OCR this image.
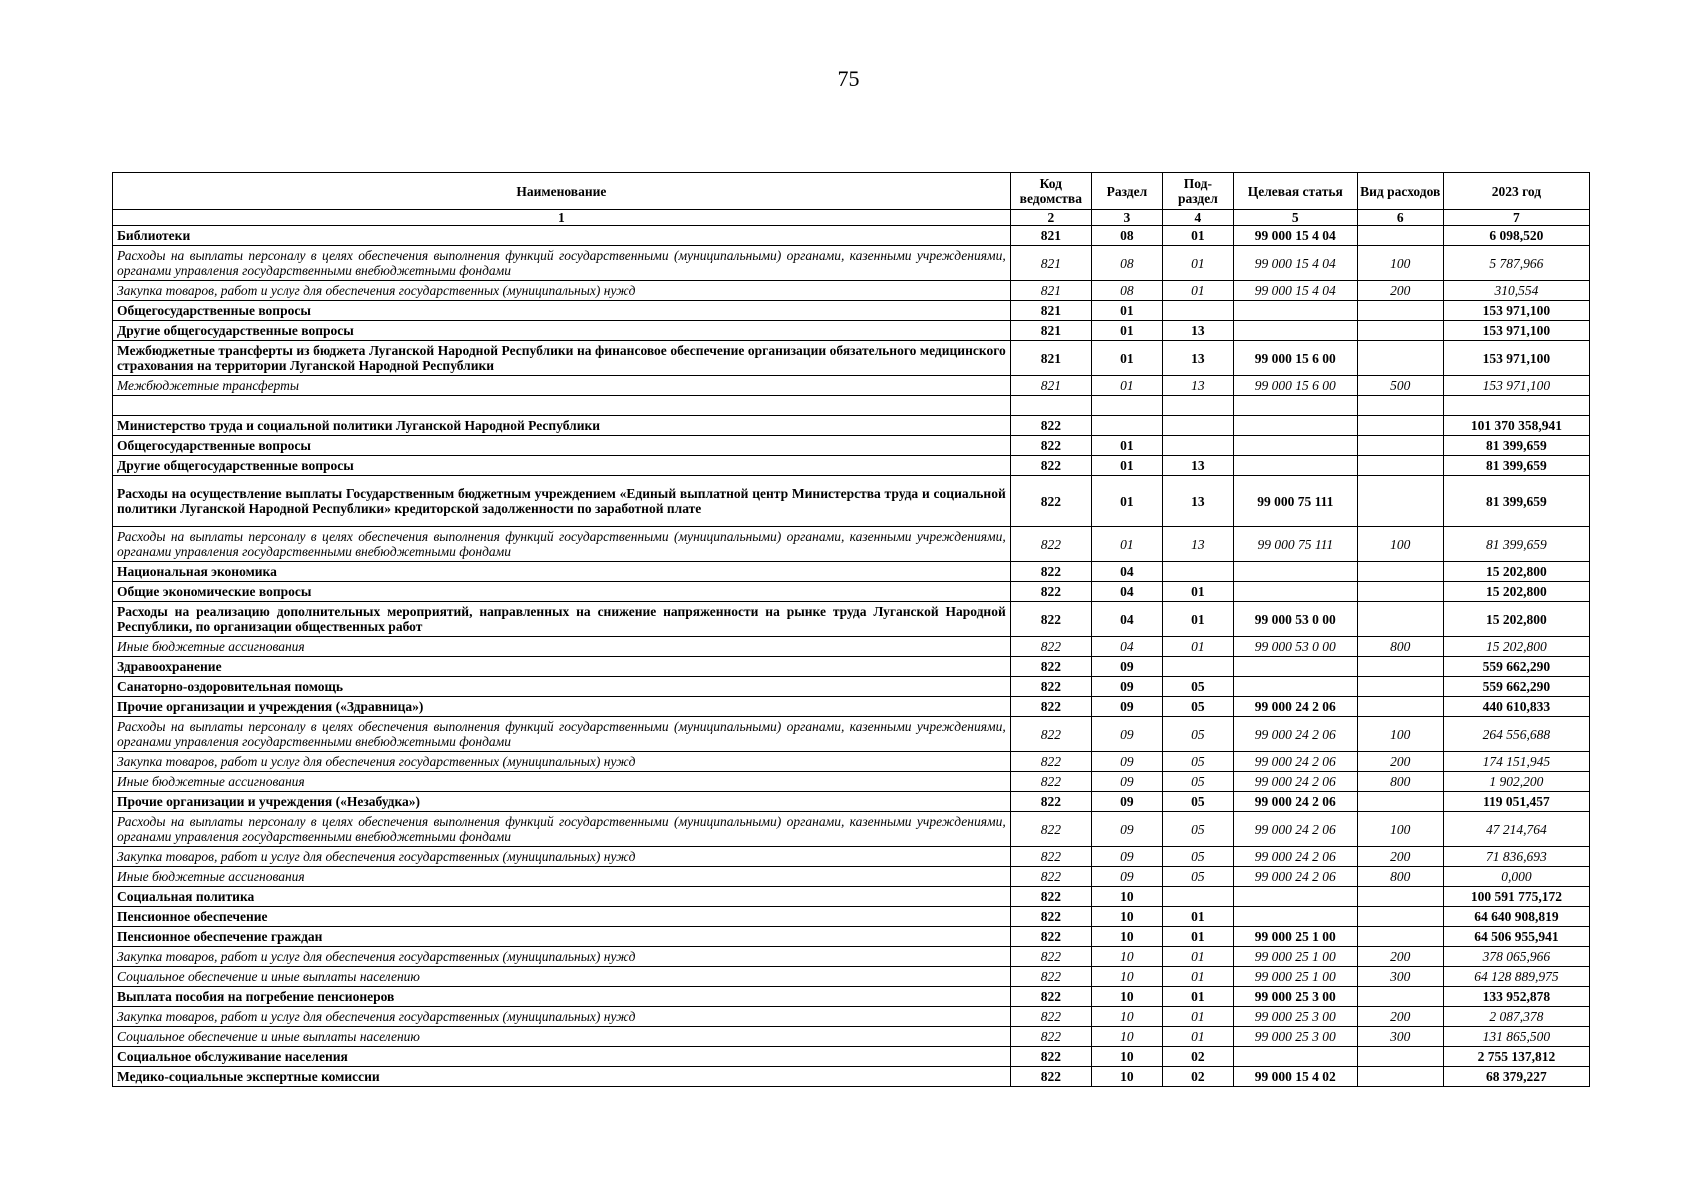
75
Наименование	Код ведомства	Раздел	Под-раздел	Целевая статья	Вид расходов	2023 год
1	2	3	4	5	6	7
Библиотеки	821	08	01	99 000 15 4 04		6 098,520
Расходы на выплаты персоналу в целях обеспечения выполнения функций государственными (муниципальными) органами, казенными учреждениями, органами управления государственными внебюджетными фондами	821	08	01	99 000 15 4 04	100	5 787,966
Закупка товаров, работ и услуг для обеспечения государственных (муниципальных) нужд	821	08	01	99 000 15 4 04	200	310,554
Общегосударственные вопросы	821	01				153 971,100
Другие общегосударственные вопросы	821	01	13			153 971,100
Межбюджетные трансферты из бюджета Луганской Народной Республики на финансовое обеспечение организации обязательного медицинского страхования на территории Луганской Народной Республики	821	01	13	99 000 15 6 00		153 971,100
Межбюджетные трансферты	821	01	13	99 000 15 6 00	500	153 971,100

Министерство труда и социальной политики Луганской Народной Республики	822					101 370 358,941
Общегосударственные вопросы	822	01				81 399,659
Другие общегосударственные вопросы	822	01	13			81 399,659
Расходы на осуществление выплаты Государственным бюджетным учреждением «Единый выплатной центр Министерства труда и социальной политики Луганской Народной Республики» кредиторской задолженности по заработной плате	822	01	13	99 000 75 111		81 399,659
Расходы на выплаты персоналу в целях обеспечения выполнения функций государственными (муниципальными) органами, казенными учреждениями, органами управления государственными внебюджетными фондами	822	01	13	99 000 75 111	100	81 399,659
Национальная экономика	822	04				15 202,800
Общие экономические вопросы	822	04	01			15 202,800
Расходы на реализацию дополнительных мероприятий, направленных на снижение напряженности на рынке труда Луганской Народной Республики, по организации общественных работ	822	04	01	99 000 53 0 00		15 202,800
Иные бюджетные ассигнования	822	04	01	99 000 53 0 00	800	15 202,800
Здравоохранение	822	09				559 662,290
Санаторно-оздоровительная помощь	822	09	05			559 662,290
Прочие организации и учреждения («Здравница»)	822	09	05	99 000 24 2 06		440 610,833
Расходы на выплаты персоналу в целях обеспечения выполнения функций государственными (муниципальными) органами, казенными учреждениями, органами управления государственными внебюджетными фондами	822	09	05	99 000 24 2 06	100	264 556,688
Закупка товаров, работ и услуг для обеспечения государственных (муниципальных) нужд	822	09	05	99 000 24 2 06	200	174 151,945
Иные бюджетные ассигнования	822	09	05	99 000 24 2 06	800	1 902,200
Прочие организации и учреждения («Незабудка»)	822	09	05	99 000 24 2 06		119 051,457
Расходы на выплаты персоналу в целях обеспечения выполнения функций государственными (муниципальными) органами, казенными учреждениями, органами управления государственными внебюджетными фондами	822	09	05	99 000 24 2 06	100	47 214,764
Закупка товаров, работ и услуг для обеспечения государственных (муниципальных) нужд	822	09	05	99 000 24 2 06	200	71 836,693
Иные бюджетные ассигнования	822	09	05	99 000 24 2 06	800	0,000
Социальная политика	822	10				100 591 775,172
Пенсионное обеспечение	822	10	01			64 640 908,819
Пенсионное обеспечение граждан	822	10	01	99 000 25 1 00		64 506 955,941
Закупка товаров, работ и услуг для обеспечения государственных (муниципальных) нужд	822	10	01	99 000 25 1 00	200	378 065,966
Социальное обеспечение и иные выплаты населению	822	10	01	99 000 25 1 00	300	64 128 889,975
Выплата пособия на погребение пенсионеров	822	10	01	99 000 25 3 00		133 952,878
Закупка товаров, работ и услуг для обеспечения государственных (муниципальных) нужд	822	10	01	99 000 25 3 00	200	2 087,378
Социальное обеспечение и иные выплаты населению	822	10	01	99 000 25 3 00	300	131 865,500
Социальное обслуживание населения	822	10	02			2 755 137,812
Медико-социальные экспертные комиссии	822	10	02	99 000 15 4 02		68 379,227
